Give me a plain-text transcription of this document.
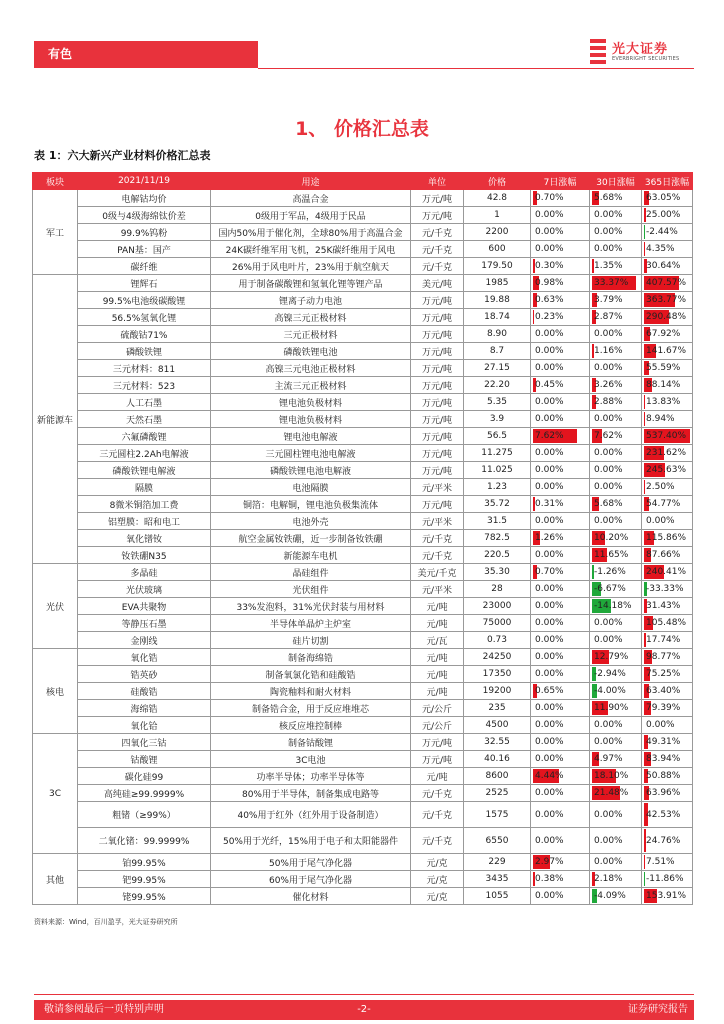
有色	光大证券
EVERBRIGHT SECURITIES
1、 价格汇总表
表 1：六大新兴产业材料价格汇总表
板块	2021/11/19	用途	单位	价格	7日涨幅	30日涨幅	365日涨幅
军工	电解钴均价	高温合金	万元/吨	42.8	0.70%	5.68%	63.05%
	0级与4级海绵钛价差	0级用于军品，4级用于民品	万元/吨	1	0.00%	0.00%	25.00%
	99.9%钨粉	国内50%用于催化剂，全球80%用于高温合金	元/千克	2200	0.00%	0.00%	-2.44%
	PAN基：国产	24K碳纤维军用飞机，25K碳纤维用于风电	元/千克	600	0.00%	0.00%	4.35%
	碳纤维	26%用于风电叶片，23%用于航空航天	元/千克	179.50	0.30%	1.35%	30.64%
新能源车	锂辉石	用于制备碳酸锂和氢氧化锂等锂产品	美元/吨	1985	0.98%	33.37%	407.57%
	99.5%电池级碳酸锂	锂离子动力电池	万元/吨	19.88	0.63%	3.79%	363.77%
	56.5%氢氧化锂	高镍三元正极材料	万元/吨	18.74	0.23%	2.87%	290.48%
	硫酸钴71%	三元正极材料	万元/吨	8.90	0.00%	0.00%	67.92%
	磷酸铁锂	磷酸铁锂电池	万元/吨	8.7	0.00%	1.16%	141.67%
	三元材料：811	高镍三元电池正极材料	万元/吨	27.15	0.00%	0.00%	55.59%
	三元材料：523	主流三元正极材料	万元/吨	22.20	0.45%	3.26%	88.14%
	人工石墨	锂电池负极材料	万元/吨	5.35	0.00%	2.88%	13.83%
	天然石墨	锂电池负极材料	万元/吨	3.9	0.00%	0.00%	8.94%
	六氟磷酸锂	锂电池电解液	万元/吨	56.5	7.62%	7.62%	537.40%
	三元圆柱2.2Ah电解液	三元圆柱锂电池电解液	万元/吨	11.275	0.00%	0.00%	231.62%
	磷酸铁锂电解液	磷酸铁锂电池电解液	万元/吨	11.025	0.00%	0.00%	245.63%
	隔膜	电池隔膜	元/平米	1.23	0.00%	0.00%	2.50%
	8微米铜箔加工费	铜箔：电解铜，锂电池负极集流体	万元/吨	35.72	0.31%	5.68%	54.77%
	铝塑膜：昭和电工	电池外壳	元/平米	31.5	0.00%	0.00%	0.00%
	氧化镨钕	航空金属钕铁硼，近一步制备钕铁硼	元/千克	782.5	1.26%	10.20%	115.86%
	钕铁硼N35	新能源车电机	元/千克	220.5	0.00%	11.65%	87.66%
光伏	多晶硅	晶硅组件	美元/千克	35.30	0.70%	-1.26%	240.41%
	光伏玻璃	光伏组件	元/平米	28	0.00%	-6.67%	-33.33%
	EVA共聚物	33%发泡料，31%光伏封装与用材料	元/吨	23000	0.00%	-14.18%	31.43%
	等静压石墨	半导体单晶炉主炉室	元/吨	75000	0.00%	0.00%	105.48%
	金刚线	硅片切割	元/瓦	0.73	0.00%	0.00%	17.74%
核电	氧化锆	制备海绵锆	元/吨	24250	0.00%	12.79%	98.77%
	锆英砂	制备氧氯化锆和硅酸锆	元/吨	17350	0.00%	-2.94%	75.25%
	硅酸锆	陶瓷釉料和耐火材料	元/吨	19200	0.65%	-4.00%	63.40%
	海绵锆	制备锆合金，用于反应堆堆芯	元/公斤	235	0.00%	11.90%	79.39%
	氧化铪	核反应堆控制棒	元/公斤	4500	0.00%	0.00%	0.00%
3C	四氧化三钴	制备钴酸锂	万元/吨	32.55	0.00%	0.00%	49.31%
	钴酸锂	3C电池	万元/吨	40.16	0.00%	4.97%	83.94%
	碳化硅99	功率半导体；功率半导体等	元/吨	8600	4.44%	18.10%	50.88%
	高纯硅≥99.9999%	80%用于半导体，制备集成电路等	元/千克	2525	0.00%	21.48%	63.96%
	粗锗（≥99%）	40%用于红外（红外用于设备制造）	元/千克	1575	0.00%	0.00%	42.53%
	二氧化锗：99.9999%	50%用于光纤，15%用于电子和太阳能器件	元/千克	6550	0.00%	0.00%	24.76%
其他	铂99.95%	50%用于尾气净化器	元/克	229	2.97%	0.00%	7.51%
	钯99.95%	60%用于尾气净化器	元/克	3435	0.38%	2.18%	-11.86%
	铑99.95%	催化材料	元/克	1055	0.00%	-4.09%	153.91%
资料来源：Wind，百川盈孚，光大证券研究所
敬请参阅最后一页特别声明	-2-	证券研究报告
